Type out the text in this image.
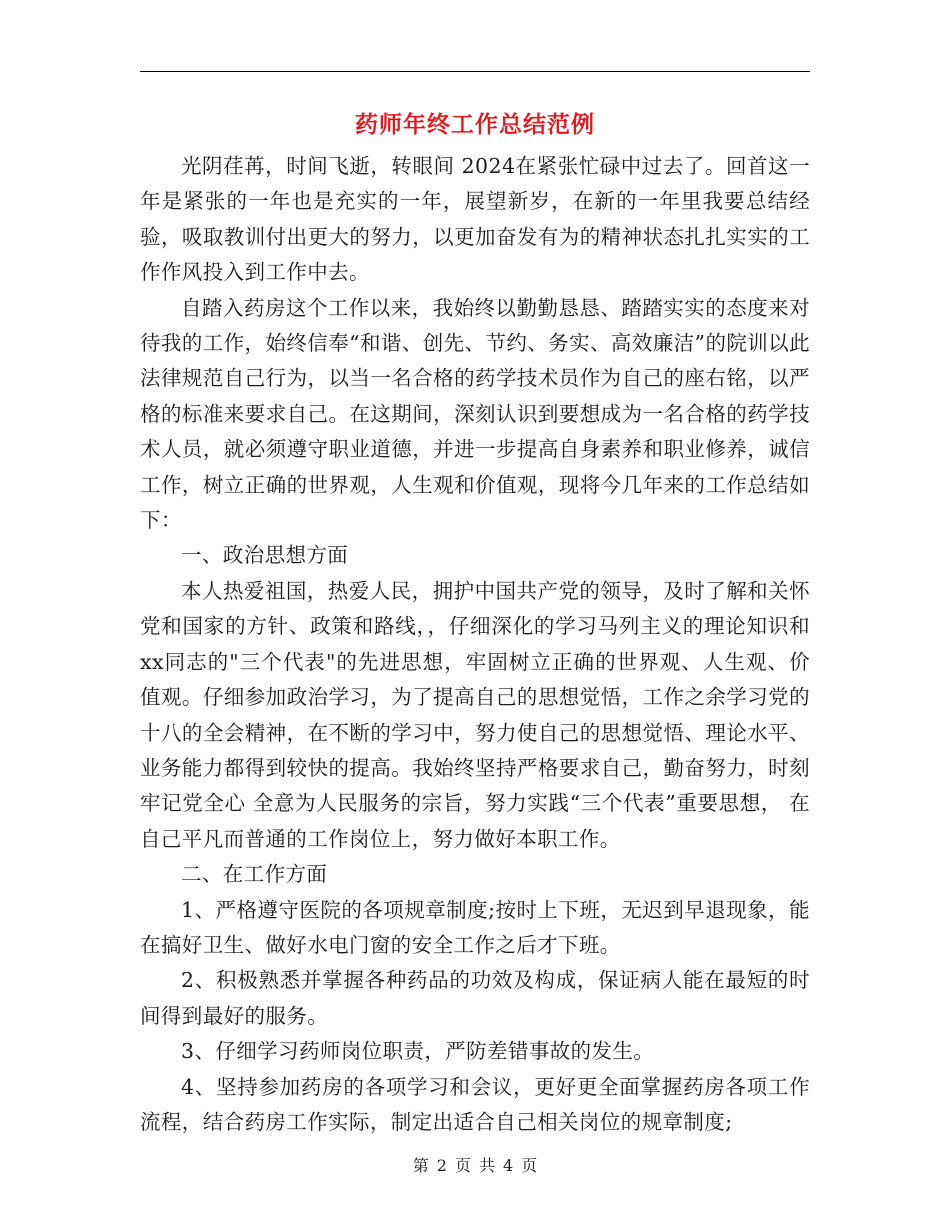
药师年终工作总结范例

光阴荏苒，时间飞逝，转眼间 2024在紧张忙碌中过去了。回首这一年是紧张的一年也是充实的一年，展望新岁，在新的一年里我要总结经验，吸取教训付出更大的努力，以更加奋发有为的精神状态扎扎实实的工作作风投入到工作中去。

自踏入药房这个工作以来，我始终以勤勤恳恳、踏踏实实的态度来对待我的工作，始终信奉“和谐、创先、节约、务实、高效廉洁”的院训以此法律规范自己行为，以当一名合格的药学技术员作为自己的座右铭，以严格的标准来要求自己。在这期间，深刻认识到要想成为一名合格的药学技术人员，就必须遵守职业道德，并进一步提高自身素养和职业修养，诚信工作，树立正确的世界观，人生观和价值观，现将今几年来的工作总结如下：

一、政治思想方面

本人热爱祖国，热爱人民，拥护中国共产党的领导，及时了解和关怀党和国家的方针、政策和路线，，仔细深化的学习马列主义的理论知识和xx同志的"三个代表"的先进思想，牢固树立正确的世界观、人生观、价值观。仔细参加政治学习，为了提高自己的思想觉悟，工作之余学习党的十八的全会精神，在不断的学习中，努力使自己的思想觉悟、理论水平、业务能力都得到较快的提高。我始终坚持严格要求自己，勤奋努力，时刻牢记党全心 全意为人民服务的宗旨，努力实践“三个代表”重要思想， 在自己平凡而普通的工作岗位上，努力做好本职工作。

二、在工作方面

1、严格遵守医院的各项规章制度;按时上下班，无迟到早退现象，能在搞好卫生、做好水电门窗的安全工作之后才下班。

2、积极熟悉并掌握各种药品的功效及构成，保证病人能在最短的时间得到最好的服务。

3、仔细学习药师岗位职责，严防差错事故的发生。

4、坚持参加药房的各项学习和会议，更好更全面掌握药房各项工作流程，结合药房工作实际，制定出适合自己相关岗位的规章制度;

第 2 页 共 4 页
